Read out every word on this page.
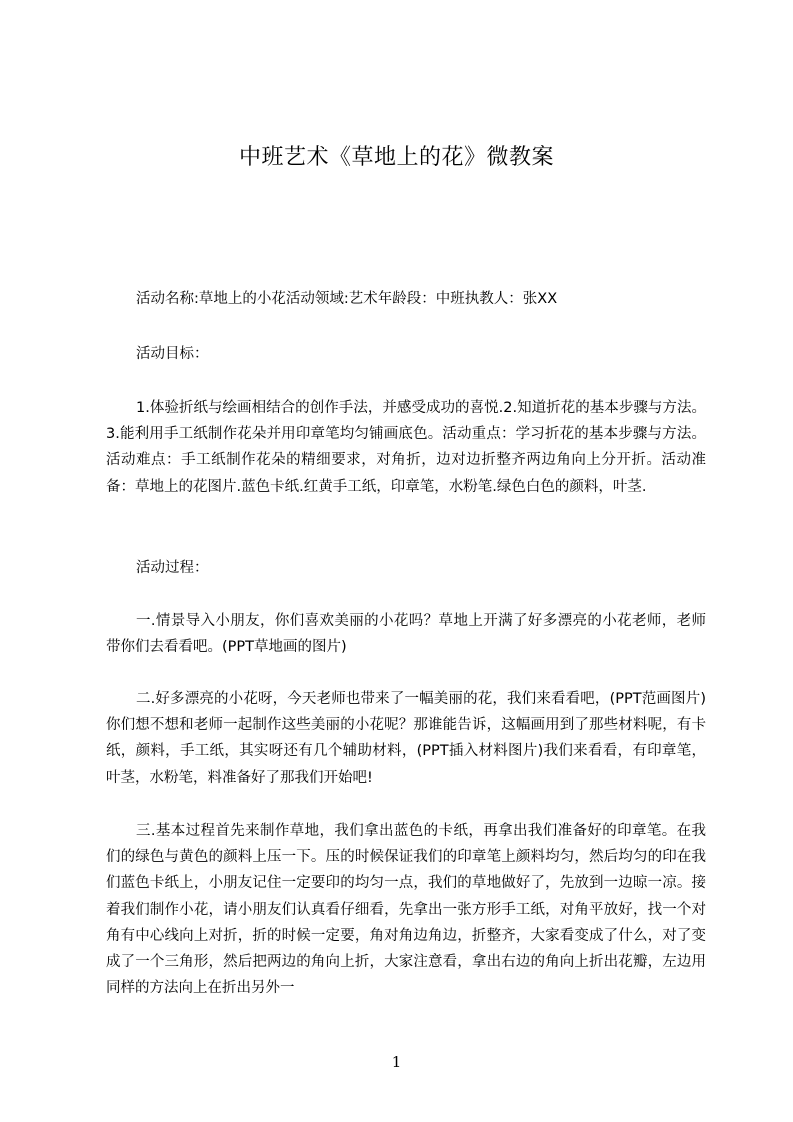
中班艺术《草地上的花》微教案

活动名称:草地上的小花活动领域:艺术年龄段：中班执教人：张XX

活动目标：

1.体验折纸与绘画相结合的创作手法，并感受成功的喜悦.2.知道折花的基本步骤与方法。3.能利用手工纸制作花朵并用印章笔均匀铺画底色。活动重点：学习折花的基本步骤与方法。活动难点：手工纸制作花朵的精细要求，对角折，边对边折整齐两边角向上分开折。活动准备：草地上的花图片.蓝色卡纸.红黄手工纸，印章笔，水粉笔.绿色白色的颜料，叶茎.

活动过程：

一.情景导入小朋友，你们喜欢美丽的小花吗？草地上开满了好多漂亮的小花老师，老师带你们去看看吧。(PPT草地画的图片)

二.好多漂亮的小花呀，今天老师也带来了一幅美丽的花，我们来看看吧，(PPT范画图片)你们想不想和老师一起制作这些美丽的小花呢？那谁能告诉，这幅画用到了那些材料呢，有卡纸，颜料，手工纸，其实呀还有几个辅助材料，(PPT插入材料图片)我们来看看，有印章笔，叶茎，水粉笔，料准备好了那我们开始吧!

三.基本过程首先来制作草地，我们拿出蓝色的卡纸，再拿出我们准备好的印章笔。在我们的绿色与黄色的颜料上压一下。压的时候保证我们的印章笔上颜料均匀，然后均匀的印在我们蓝色卡纸上，小朋友记住一定要印的均匀一点，我们的草地做好了，先放到一边晾一凉。接着我们制作小花，请小朋友们认真看仔细看，先拿出一张方形手工纸，对角平放好，找一个对角有中心线向上对折，折的时候一定要，角对角边角边，折整齐，大家看变成了什么，对了变成了一个三角形，然后把两边的角向上折，大家注意看，拿出右边的角向上折出花瓣，左边用同样的方法向上在折出另外一

1
